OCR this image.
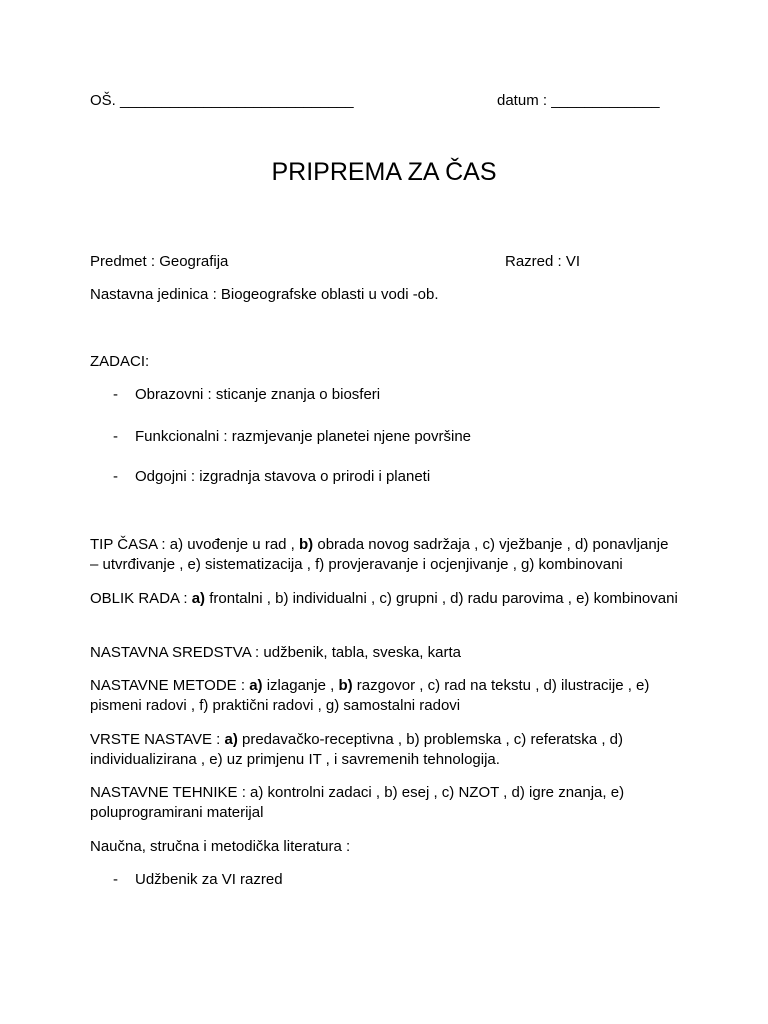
OŠ. ____________________________	datum : _____________
PRIPREMA ZA ČAS
Predmet : Geografija	Razred : VI
Nastavna jedinica : Biogeografske oblasti u vodi -ob.
ZADACI:
- Obrazovni : sticanje znanja o biosferi
- Funkcionalni : razmjevanje planetei njene površine
- Odgojni : izgradnja stavova o prirodi i planeti
TIP ČASA : a) uvođenje u rad , b) obrada novog sadržaja , c) vježbanje , d) ponavljanje – utvrđivanje , e) sistematizacija , f) provjeravanje i ocjenjivanje , g) kombinovani
OBLIK RADA : a) frontalni , b) individualni , c) grupni , d) radu parovima , e) kombinovani
NASTAVNA SREDSTVA : udžbenik, tabla, sveska, karta
NASTAVNE METODE : a) izlaganje , b) razgovor , c) rad na tekstu , d) ilustracije , e) pismeni radovi , f) praktični radovi , g) samostalni radovi
VRSTE NASTAVE : a) predavačko-receptivna , b) problemska , c) referatska , d) individualizirana , e) uz primjenu IT , i savremenih tehnologija.
NASTAVNE TEHNIKE : a) kontrolni zadaci , b) esej , c) NZOT , d) igre znanja, e) poluprogramirani materijal
Naučna, stručna i metodička literatura :
- Udžbenik za VI razred
